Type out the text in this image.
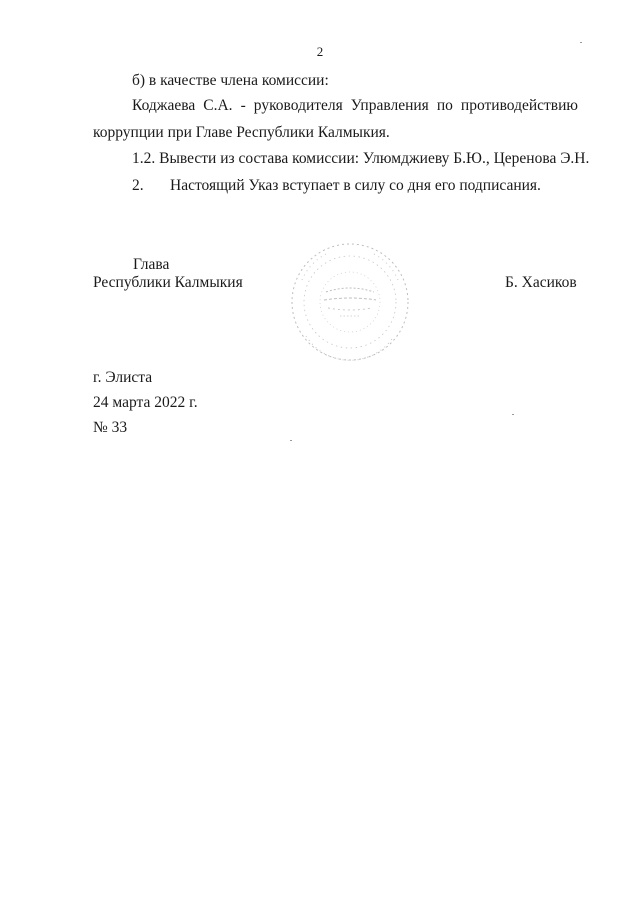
2
б) в качестве члена комиссии:
Коджаева С.А. - руководителя Управления по противодействию
коррупции при Главе Республики Калмыкия.
1.2. Вывести из состава комиссии: Улюмджиеву Б.Ю., Церенова Э.Н.
2. Настоящий Указ вступает в силу со дня его подписания.
Глава
Республики Калмыкия	Б. Хасиков
г. Элиста
24 марта 2022 г.
№ 33
